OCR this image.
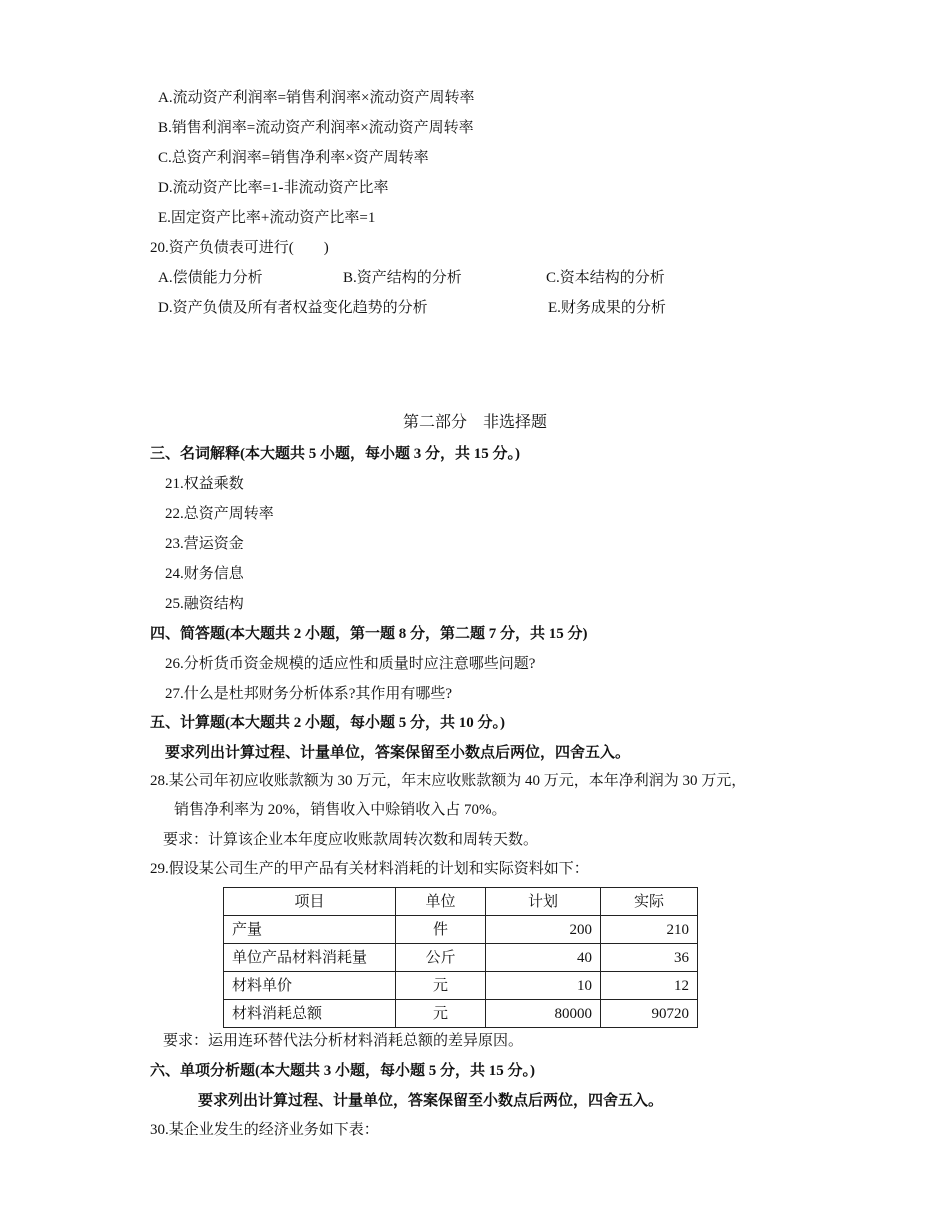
A.流动资产利润率=销售利润率×流动资产周转率
B.销售利润率=流动资产利润率×流动资产周转率
C.总资产利润率=销售净利率×资产周转率
D.流动资产比率=1-非流动资产比率
E.固定资产比率+流动资产比率=1
20.资产负债表可进行(　　)
A.偿债能力分析	B.资产结构的分析	C.资本结构的分析
D.资产负债及所有者权益变化趋势的分析	E.财务成果的分析
第二部分　非选择题
三、名词解释(本大题共 5 小题，每小题 3 分，共 15 分。)
21.权益乘数
22.总资产周转率
23.营运资金
24.财务信息
25.融资结构
四、简答题(本大题共 2 小题，第一题 8 分，第二题 7 分，共 15 分)
26.分析货币资金规模的适应性和质量时应注意哪些问题?
27.什么是杜邦财务分析体系?其作用有哪些?
五、计算题(本大题共 2 小题，每小题 5 分，共 10 分。)
要求列出计算过程、计量单位，答案保留至小数点后两位，四舍五入。
28.某公司年初应收账款额为 30 万元，年末应收账款额为 40 万元，本年净利润为 30 万元，
销售净利率为 20%，销售收入中赊销收入占 70%。
要求：计算该企业本年度应收账款周转次数和周转天数。
29.假设某公司生产的甲产品有关材料消耗的计划和实际资料如下：
项目	单位	计划	实际
产量	件	200	210
单位产品材料消耗量	公斤	40	36
材料单价	元	10	12
材料消耗总额	元	80000	90720
要求：运用连环替代法分析材料消耗总额的差异原因。
六、单项分析题(本大题共 3 小题，每小题 5 分，共 15 分。)
要求列出计算过程、计量单位，答案保留至小数点后两位，四舍五入。
30.某企业发生的经济业务如下表：
